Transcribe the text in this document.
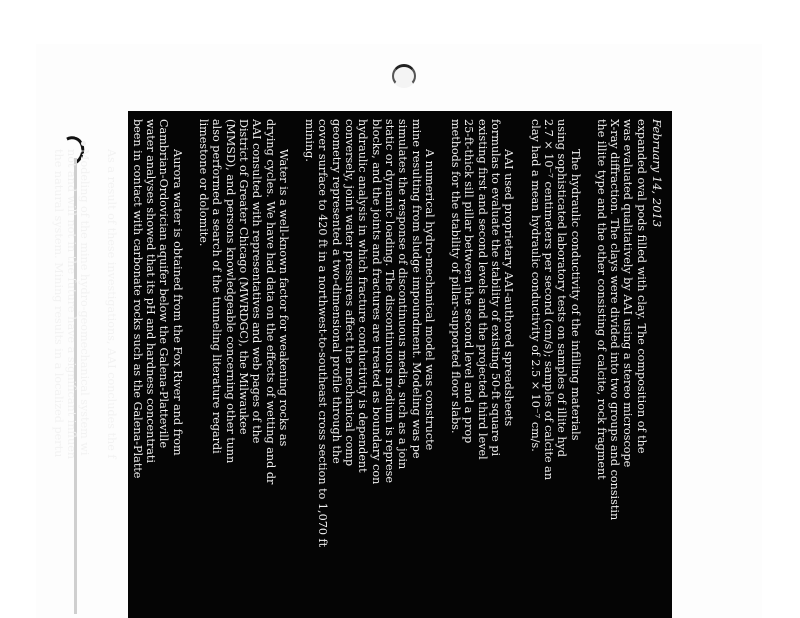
February 14, 2013
expanded oval pods filled with clay. The composition of the
was evaluated qualitatively by AAI using a stereo microscope
X-ray diffraction. The clays were divided into two groups and consistin
the illite type and the other consisting of calcite, rock fragment
The hydraulic conductivity of the infilling materials
using sophisticated laboratory tests on samples of illite hyd
2.7 × 10⁻⁷ centimeters per second (cm/s); samples of calcite an
clay had a mean hydraulic conductivity of 2.5 × 10⁻⁷ cm/s.
AAI used proprietary AAI-authored spreadsheets
formulas to evaluate the stability of existing 50-ft square pi
existing first and second levels and the projected third level
25-ft-thick sill pillar between the second level and a prop
methods for the stability of pillar-supported floor slabs.
A numerical hydro-mechanical model was constructe
mine resulting from sludge impoundment. Modeling was pe
simulates the response of discontinuous media, such as a join
static or dynamic loading. The discontinuous medium is represe
blocks, and the joints and fractures are treated as boundary con
hydraulic analysis in which fracture conductivity is dependent
conversely, joint water pressures affect the mechanical comp
geometry represented a two-dimensional profile through the
cover surface to 420 ft in a northwest-to-southeast cross section to 1,070 ft
mining.
Water is a well-known factor for weakening rocks as
drying cycles. We have had data on the effects of wetting and dr
AAI consulted with representatives and web pages of the
District of Greater Chicago (MWRDGC), the Milwaukee
(MMSD), and persons knowledgeable concerning other tunn
also performed a search of the tunneling literature regardi
limestone or dolomite.
Aurora water is obtained from the Fox River and from
Cambrian-Ordovician aquifer below the Galena-Platteville
water analyses showed that its pH and hardness concentrati
been in contact with carbonate rocks such as the Galena-Platte
As a result of these investigations, AAI concludes the f
Modeling of the mine hydro-geomechanical system wi
not and will not in the future have a significant influen
the natural system. Mining results in a localized pertu
